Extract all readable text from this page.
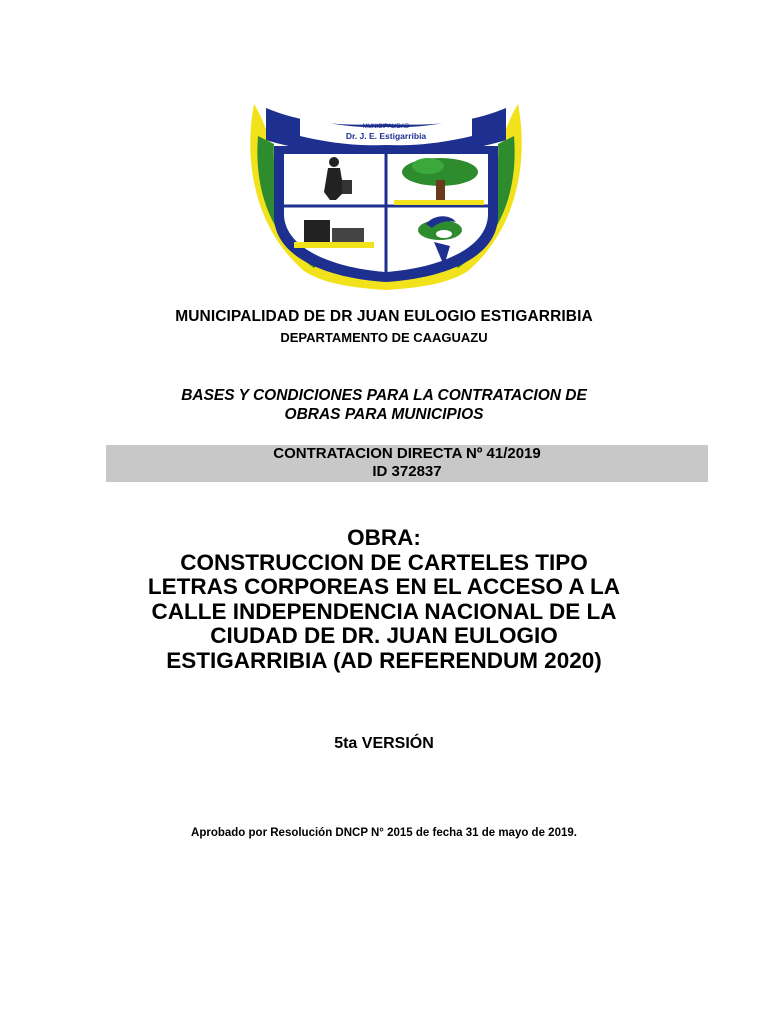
MUNICIPALIDAD
Dr. J. E. Estigarribia
MUNICIPALIDAD DE DR JUAN EULOGIO ESTIGARRIBIA
DEPARTAMENTO DE CAAGUAZU
BASES Y CONDICIONES PARA LA CONTRATACION DE
OBRAS PARA MUNICIPIOS
CONTRATACION DIRECTA Nº 41/2019
ID 372837
OBRA:
CONSTRUCCION DE CARTELES TIPO
LETRAS CORPOREAS EN EL ACCESO A LA
CALLE INDEPENDENCIA NACIONAL DE LA
CIUDAD DE DR. JUAN EULOGIO
ESTIGARRIBIA (AD REFERENDUM 2020)
5ta VERSIÓN
Aprobado por Resolución DNCP N° 2015 de fecha 31 de mayo de 2019.
